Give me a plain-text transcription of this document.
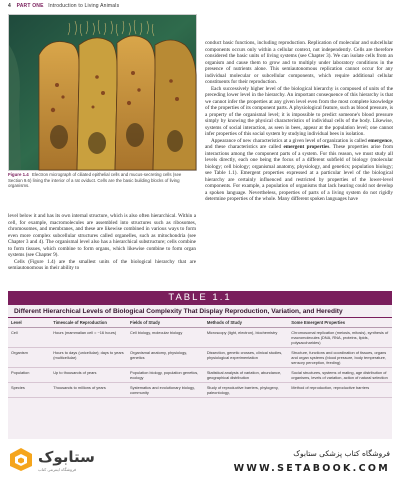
4 PART ONE Introduction to Living Animals
David M. Phillips/Visuals Unlimited
Figure 1.4 Electron micrograph of ciliated epithelial cells and mucus-secreting cells (see Section 9.6) lining the interior of a rat oviduct. Cells are the basic building blocks of living organisms.

level below it and has its own internal structure, which is also often hierarchical. Within a cell, for example, macromolecules are assembled into structures such as ribosomes, chromosomes, and membranes, and these are likewise combined in various ways to form even more complex subcellular structures called organelles, such as mitochondria (see Chapter 3 and 4). The organismal level also has a hierarchical substructure; cells combine to form tissues, which combine to form organs, which likewise combine to form organ systems (see Chapter 9).

Cells (Figure 1.4) are the smallest units of the biological hierarchy that are semiautonomous in their ability to

conduct basic functions, including reproduction. Replication of molecular and subcellular components occurs only within a cellular context, not independently. Cells are therefore considered the basic units of living systems (see Chapter 3). We can isolate cells from an organism and cause them to grow and to multiply under laboratory conditions in the presence of nutrients alone. This semiautonomous replication cannot occur for any individual molecular or subcellular components, which require additional cellular constituents for their reproduction.

Each successively higher level of the biological hierarchy is composed of units of the preceding lower level in the hierarchy. An important consequence of this hierarchy is that we cannot infer the properties at any given level even from the most complete knowledge of the properties of its component parts. A physiological feature, such as blood pressure, is a property of the organismal level; it is impossible to predict someone's blood pressure simply by knowing the physical characteristics of individual cells of the body. Likewise, systems of social interaction, as seen in bees, appear at the population level; one cannot infer properties of this social system by studying individual bees in isolation.

Appearance of new characteristics at a given level of organization is called emergence, and these characteristics are called emergent properties. These properties arise from interactions among the component parts of a system. For this reason, we must study all levels directly, each one being the focus of a different subfield of biology (molecular biology; cell biology; organismal anatomy, physiology, and genetics; population biology; see Table 1.1). Emergent properties expressed at a particular level of the biological hierarchy are certainly influenced and restricted by properties of the lower-level components. For example, a population of organisms that lack hearing could not develop a spoken language. Nevertheless, properties of parts of a living system do not rigidly determine properties of the whole. Many different spoken languages have

TABLE 1.1
Different Hierarchical Levels of Biological Complexity That Display Reproduction, Variation, and Heredity
Level	Timescale of Reproduction	Fields of Study	Methods of Study	Some Emergent Properties
Cell	Hours (mammalian cell = ~16 hours)	Cell biology, molecular biology	Microscopy (light, electron), biochemistry	Chromosomal replication (meiosis, mitosis), synthesis of macromolecules (DNA, RNA, proteins, lipids, polysaccharides)
Organism	Hours to days (unicellular); days to years (multicellular)	Organismal anatomy, physiology, genetics	Dissection, genetic crosses, clinical studies, physiological experimentation	Structure, functions and coordination of tissues, organs and organ systems (blood pressure, body temperature, sensory perception, feeding)
Population	Up to thousands of years	Population biology, population genetics, ecology	Statistical analysis of variation, abundance, geographical distribution	Social structures, systems of mating, age distribution of organisms, levels of variation, action of natural selection
Species	Thousands to millions of years	Systematics and evolutionary biology, community	Study of reproductive barriers, phylogeny, paleontology,	Method of reproduction, reproductive barriers
ستابوک
فروشگاه اینترنتی کتاب
فروشگاه کتاب پزشکی ستابوک
WWW.SETABOOK.COM
